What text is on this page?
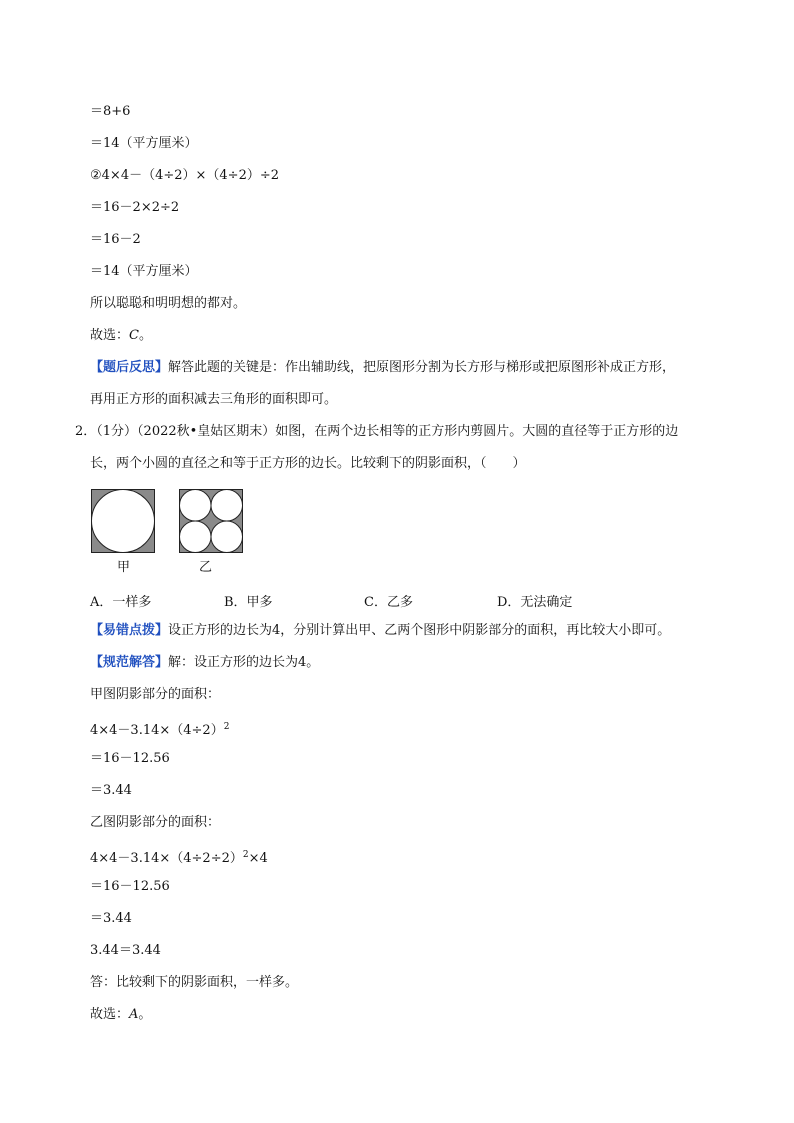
＝8+6
＝14（平方厘米）
②4×4－（4÷2）×（4÷2）÷2
＝16－2×2÷2
＝16－2
＝14（平方厘米）
所以聪聪和明明想的都对。
故选：C。
【题后反思】解答此题的关键是：作出辅助线，把原图形分割为长方形与梯形或把原图形补成正方形，
再用正方形的面积减去三角形的面积即可。
2．（1分）（2022秋•皇姑区期末）如图，在两个边长相等的正方形内剪圆片。大圆的直径等于正方形的边
长，两个小圆的直径之和等于正方形的边长。比较剩下的阴影面积，（　　）
甲	乙
A．一样多	B．甲多	C．乙多	D．无法确定
【易错点拨】设正方形的边长为4，分别计算出甲、乙两个图形中阴影部分的面积，再比较大小即可。
【规范解答】解：设正方形的边长为4。
甲图阴影部分的面积：
$4\times 4-3.14\times(4\div 2)^2$
＝16－12.56
＝3.44
乙图阴影部分的面积：
$4\times 4-3.14\times(4\div 2\div 2)^2\times 4$
＝16－12.56
＝3.44
3.44＝3.44
答：比较剩下的阴影面积，一样多。
故选：A。
